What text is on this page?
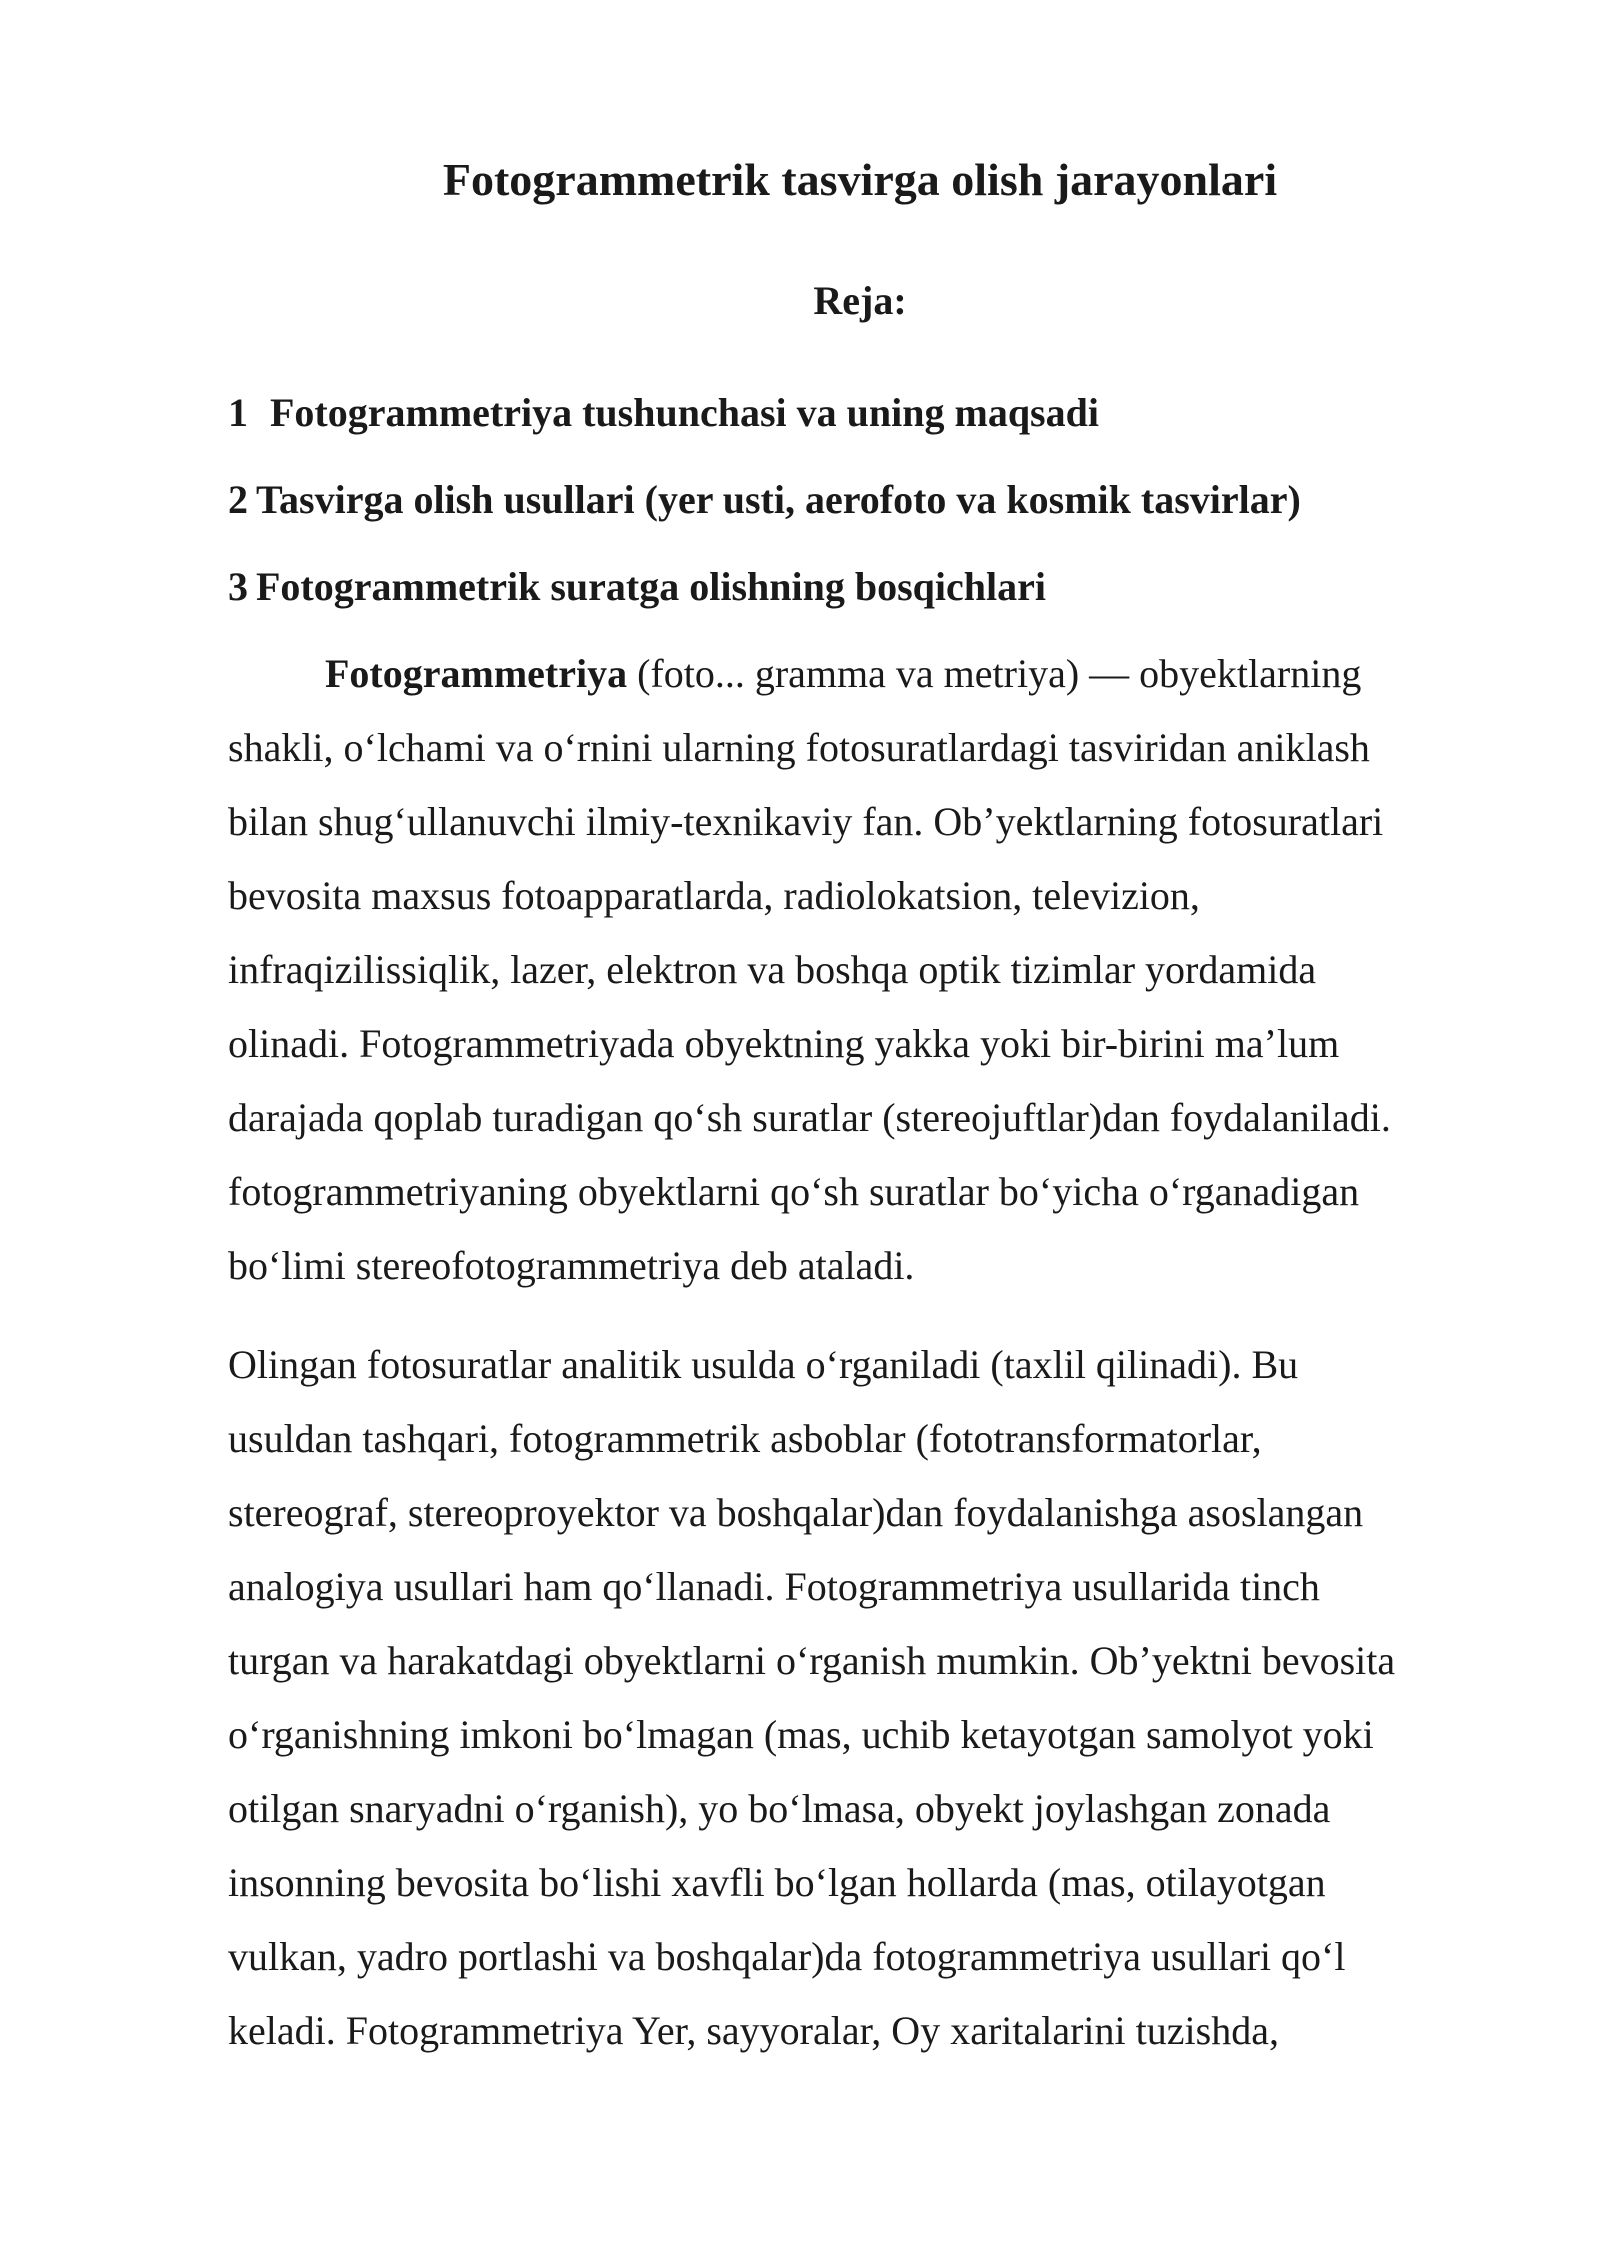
Fotogrammetrik tasvirga olish jarayonlari
Reja:
1 Fotogrammetriya tushunchasi va uning maqsadi
2 Tasvirga olish usullari (yer usti, aerofoto va kosmik tasvirlar)
3 Fotogrammetrik suratga olishning bosqichlari
Fotogrammetriya (foto... gramma va metriya) — obyektlarning
shakli, oʻlchami va oʻrnini ularning fotosuratlardagi tasviridan aniklash
bilan shugʻullanuvchi ilmiy-texnikaviy fan. Obʼyektlarning fotosuratlari
bevosita maxsus fotoapparatlarda, radiolokatsion, televizion,
infraqizilissiqlik, lazer, elektron va boshqa optik tizimlar yordamida
olinadi. Fotogrammetriyada obyektning yakka yoki bir-birini maʼlum
darajada qoplab turadigan qoʻsh suratlar (stereojuftlar)dan foydalaniladi.
fotogrammetriyaning obyektlarni qoʻsh suratlar boʻyicha oʻrganadigan
boʻlimi stereofotogrammetriya deb ataladi.
Olingan fotosuratlar analitik usulda oʻrganiladi (taxlil qilinadi). Bu
usuldan tashqari, fotogrammetrik asboblar (fototransformatorlar,
stereograf, stereoproyektor va boshqalar)dan foydalanishga asoslangan
analogiya usullari ham qoʻllanadi. Fotogrammetriya usullarida tinch
turgan va harakatdagi obyektlarni oʻrganish mumkin. Obʼyektni bevosita
oʻrganishning imkoni boʻlmagan (mas, uchib ketayotgan samolyot yoki
otilgan snaryadni oʻrganish), yo boʻlmasa, obyekt joylashgan zonada
insonning bevosita boʻlishi xavfli boʻlgan hollarda (mas, otilayotgan
vulkan, yadro portlashi va boshqalar)da fotogrammetriya usullari qoʻl
keladi. Fotogrammetriya Yer, sayyoralar, Oy xaritalarini tuzishda,
